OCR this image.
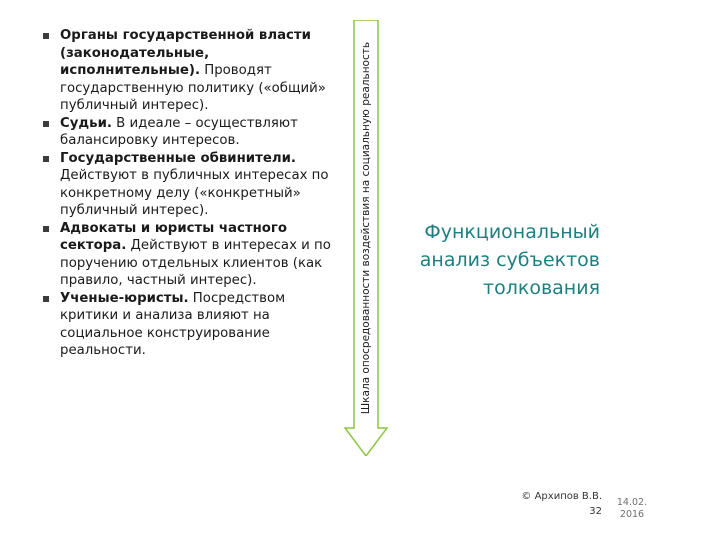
Органы государственной власти (законодательные, исполнительные). Проводят государственную политику («общий» публичный интерес).
Судьи. В идеале – осуществляют балансировку интересов.
Государственные обвинители. Действуют в публичных интересах по конкретному делу («конкретный» публичный интерес).
Адвокаты и юристы частного сектора. Действуют в интересах и по поручению отдельных клиентов (как правило, частный интерес).
Ученые-юристы. Посредством критики и анализа влияют на социальное конструирование реальности.	Шкала опосредованности воздействия на социальную реальность	Функциональный
анализ субъектов
толкования
© Архипов В.В.
32
14.02.
2016
